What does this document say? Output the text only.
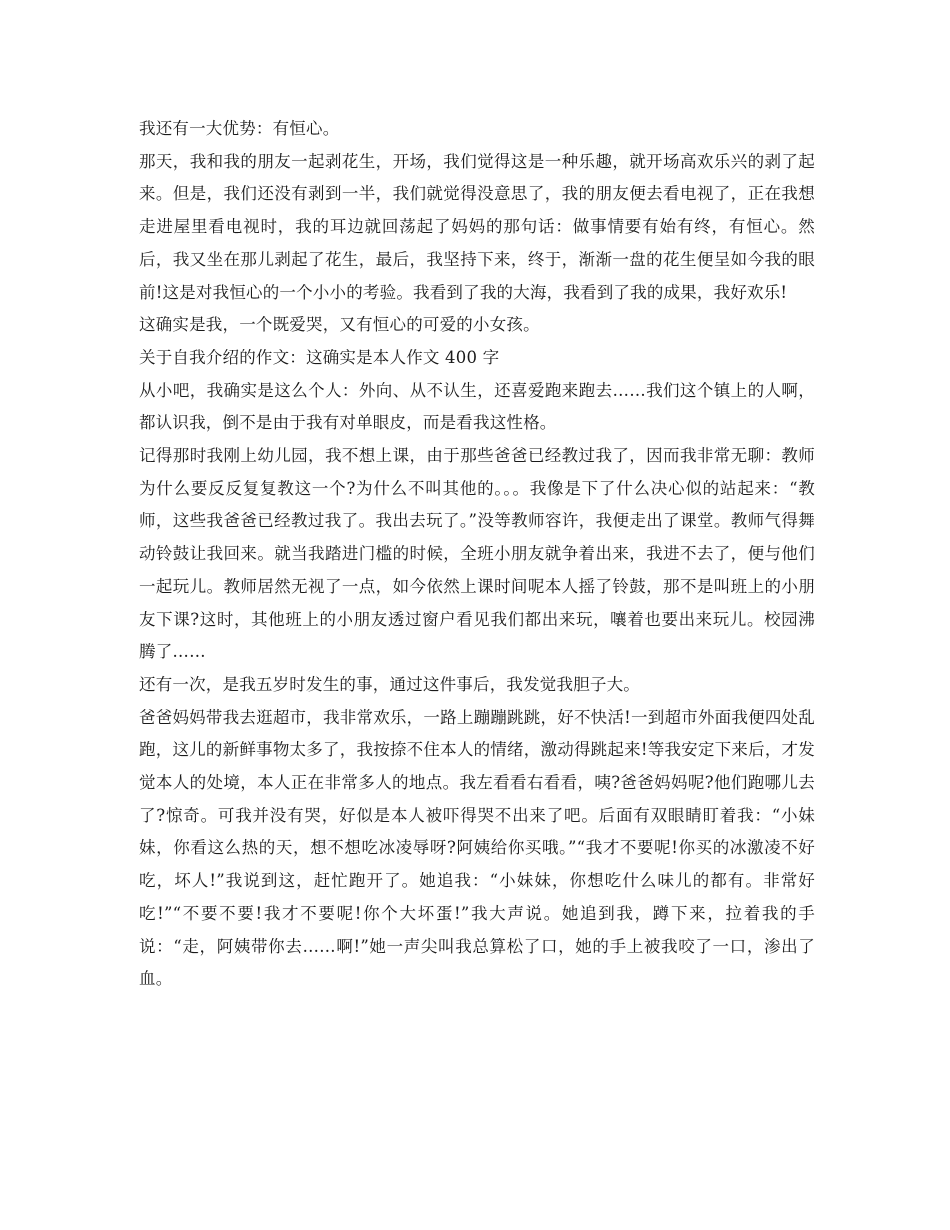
我还有一大优势：有恒心。

那天，我和我的朋友一起剥花生，开场，我们觉得这是一种乐趣，就开场高欢乐兴的剥了起来。但是，我们还没有剥到一半，我们就觉得没意思了，我的朋友便去看电视了，正在我想走进屋里看电视时，我的耳边就回荡起了妈妈的那句话：做事情要有始有终，有恒心。然后，我又坐在那儿剥起了花生，最后，我坚持下来，终于，渐渐一盘的花生便呈如今我的眼前!这是对我恒心的一个小小的考验。我看到了我的大海，我看到了我的成果，我好欢乐!

这确实是我，一个既爱哭，又有恒心的可爱的小女孩。

关于自我介绍的作文：这确实是本人作文 400 字

从小吧，我确实是这么个人：外向、从不认生，还喜爱跑来跑去……我们这个镇上的人啊，都认识我，倒不是由于我有对单眼皮，而是看我这性格。

记得那时我刚上幼儿园，我不想上课，由于那些爸爸已经教过我了，因而我非常无聊：教师为什么要反反复复教这一个?为什么不叫其他的。。。我像是下了什么决心似的站起来：“教师，这些我爸爸已经教过我了。我出去玩了。”没等教师容许，我便走出了课堂。教师气得舞动铃鼓让我回来。就当我踏进门槛的时候，全班小朋友就争着出来，我进不去了，便与他们一起玩儿。教师居然无视了一点，如今依然上课时间呢本人摇了铃鼓，那不是叫班上的小朋友下课?这时，其他班上的小朋友透过窗户看见我们都出来玩，嚷着也要出来玩儿。校园沸腾了……

还有一次，是我五岁时发生的事，通过这件事后，我发觉我胆子大。

爸爸妈妈带我去逛超市，我非常欢乐，一路上蹦蹦跳跳，好不快活!一到超市外面我便四处乱跑，这儿的新鲜事物太多了，我按捺不住本人的情绪，激动得跳起来!等我安定下来后，才发觉本人的处境，本人正在非常多人的地点。我左看看右看看，咦?爸爸妈妈呢?他们跑哪儿去了?惊奇。可我并没有哭，好似是本人被吓得哭不出来了吧。后面有双眼睛盯着我：“小妹妹，你看这么热的天，想不想吃冰凌辱呀?阿姨给你买哦。”“我才不要呢!你买的冰激凌不好吃，坏人!”我说到这，赶忙跑开了。她追我：“小妹妹，你想吃什么味儿的都有。非常好吃!”“不要不要!我才不要呢!你个大坏蛋!”我大声说。她追到我，蹲下来，拉着我的手说：“走，阿姨带你去……啊!”她一声尖叫我总算松了口，她的手上被我咬了一口，渗出了血。
